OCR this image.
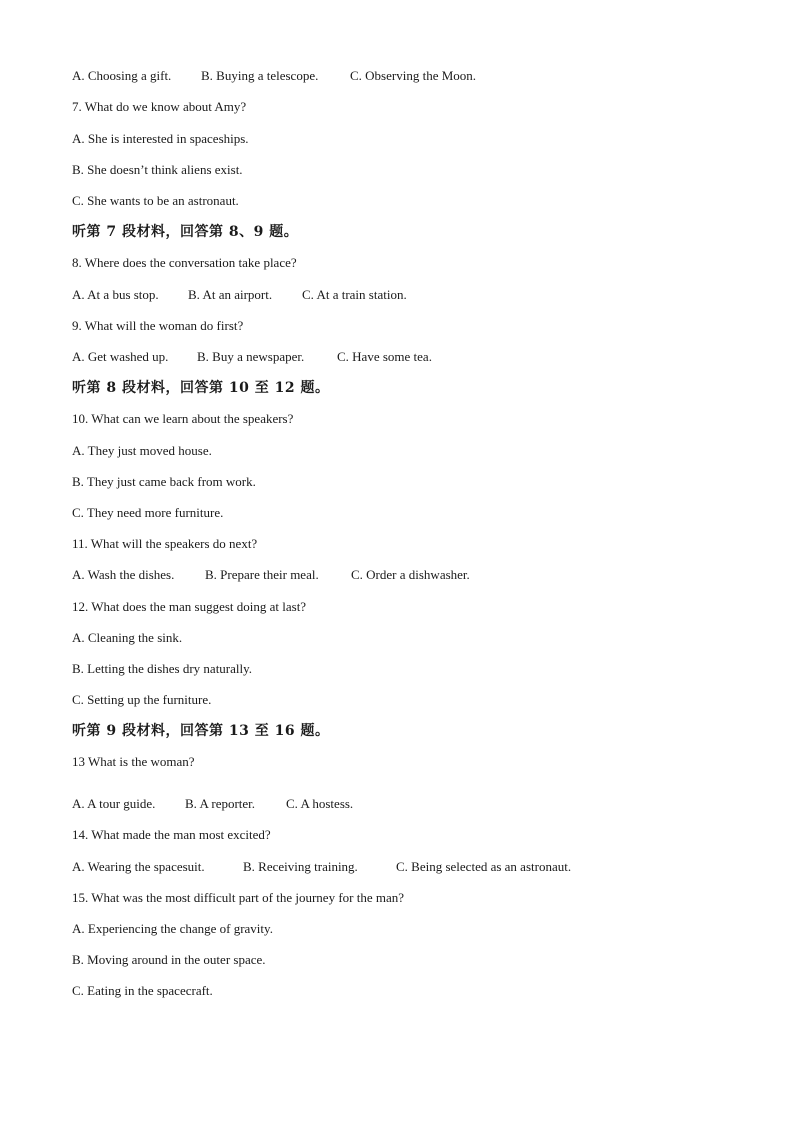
A. Choosing a gift. B. Buying a telescope. C. Observing the Moon.
7. What do we know about Amy?
A. She is interested in spaceships.
B. She doesn’t think aliens exist.
C. She wants to be an astronaut.
听第 7 段材料，回答第 8、9 题。
8. Where does the conversation take place?
A. At a bus stop. B. At an airport. C. At a train station.
9. What will the woman do first?
A. Get washed up. B. Buy a newspaper.	C. Have some tea.
听第 8 段材料，回答第 10 至 12 题。
10. What can we learn about the speakers?
A. They just moved house.
B. They just came back from work.
C. They need more furniture.
11. What will the speakers do next?
A. Wash the dishes. B. Prepare their meal. C. Order a dishwasher.
12. What does the man suggest doing at last?
A. Cleaning the sink.
B. Letting the dishes dry naturally.
C. Setting up the furniture.
听第 9 段材料，回答第 13 至 16 题。
13 What is the woman?
A. A tour guide. B. A reporter. C. A hostess.
14. What made the man most excited?
A. Wearing the spacesuit.	B. Receiving training.	C. Being selected as an astronaut.
15. What was the most difficult part of the journey for the man?
A. Experiencing the change of gravity.
B. Moving around in the outer space.
C. Eating in the spacecraft.
